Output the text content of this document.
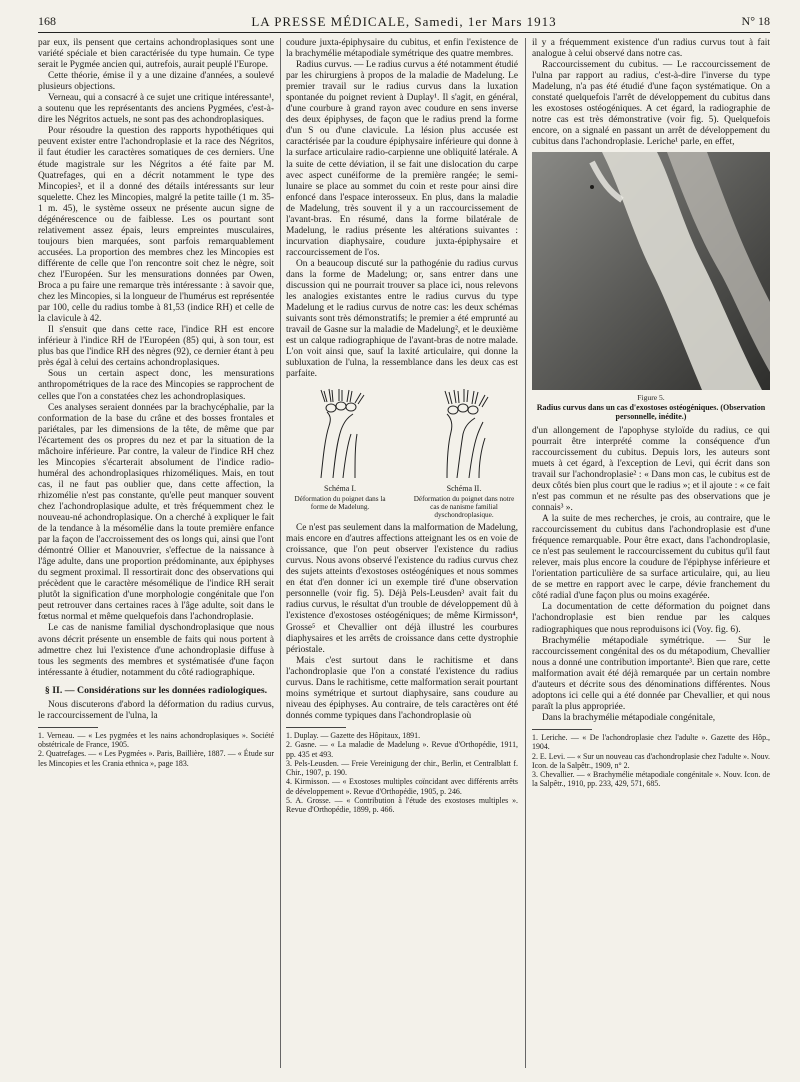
168	LA PRESSE MÉDICALE, Samedi, 1er Mars 1913	N° 18

par eux, ils pensent que certains achondroplasiques sont une variété spéciale et bien caractérisée du type humain. Ce type serait le Pygmée ancien qui, autrefois, aurait peuplé l'Europe.

Cette théorie, émise il y a une dizaine d'années, a soulevé plusieurs objections.

Verneau, qui a consacré à ce sujet une critique intéressante¹, a soutenu que les représentants des anciens Pygmées, c'est-à-dire les Négritos actuels, ne sont pas des achondroplasiques.

Pour résoudre la question des rapports hypothétiques qui peuvent exister entre l'achondroplasie et la race des Négritos, il faut étudier les caractères somatiques de ces derniers. Une étude magistrale sur les Négritos a été faite par M. Quatrefages, qui en a décrit notamment le type des Mincopies², et il a donné des détails intéressants sur leur squelette. Chez les Mincopies, malgré la petite taille (1 m. 35-1 m. 45), le système osseux ne présente aucun signe de dégénérescence ou de faiblesse. Les os pourtant sont relativement assez épais, leurs empreintes musculaires, toujours bien marquées, sont parfois remarquablement accusées. La proportion des membres chez les Mincopies est différente de celle que l'on rencontre soit chez le nègre, soit chez l'Européen. Sur les mensurations données par Owen, Broca a pu faire une remarque très intéressante : à savoir que, chez les Mincopies, si la longueur de l'humérus est représentée par 100, celle du radius tombe à 81,53 (indice RH) et celle de la clavicule à 42.

Il s'ensuit que dans cette race, l'indice RH est encore inférieur à l'indice RH de l'Européen (85) qui, à son tour, est plus bas que l'indice RH des nègres (92), ce dernier étant à peu près égal à celui des certains achondroplasiques.

Sous un certain aspect donc, les mensurations anthropométriques de la race des Mincopies se rapprochent de celles que l'on a constatées chez les achondroplasiques.

Ces analyses seraient données par la brachycéphalie, par la conformation de la base du crâne et des bosses frontales et pariétales, par les dimensions de la tête, de même que par l'écartement des os propres du nez et par la situation de la mâchoire inférieure. Par contre, la valeur de l'indice RH chez les Mincopies s'écarterait absolument de l'indice radio-huméral des achondroplasiques rhizoméliques. Mais, en tout cas, il ne faut pas oublier que, dans cette affection, la rhizomélie n'est pas constante, qu'elle peut manquer souvent chez l'achondroplasique adulte, et très fréquemment chez le nouveau-né achondroplasique. On a cherché à expliquer le fait de la tendance à la mésomélie dans la toute première enfance par la façon de l'accroissement des os longs qui, ainsi que l'ont démontré Ollier et Manouvrier, s'effectue de la naissance à l'âge adulte, dans une proportion prédominante, aux épiphyses du segment proximal. Il ressortirait donc des observations qui précèdent que le caractère mésomélique de l'indice RH serait plutôt la signification d'une morphologie congénitale que l'on peut retrouver dans certaines races à l'âge adulte, soit dans le fœtus normal et même quelquefois dans l'achondroplasie.

Le cas de nanisme familial dyschondroplasique que nous avons décrit présente un ensemble de faits qui nous portent à admettre chez lui l'existence d'une achondroplasie diffuse à tous les segments des membres et systématisée d'une façon intéressante à étudier, notamment du côté radiographique.

§ II. — Considérations sur les données radiologiques.

Nous discuterons d'abord la déformation du radius curvus, le raccourcissement de l'ulna, la

1. Verneau. — « Les pygmées et les nains achondroplasiques ». Société obstétricale de France, 1905.

2. Quatrefages. — « Les Pygmées ». Paris, Baillière, 1887. — « Étude sur les Mincopies et les Crania ethnica », page 183.

coudure juxta-épiphysaire du cubitus, et enfin l'existence de la brachymélie métapodiale symétrique des quatre membres.

Radius curvus. — Le radius curvus a été notamment étudié par les chirurgiens à propos de la maladie de Madelung. Le premier travail sur le radius curvus dans la luxation spontanée du poignet revient à Duplay¹. Il s'agit, en général, d'une courbure à grand rayon avec coudure en sens inverse des deux épiphyses, de façon que le radius prend la forme d'un S ou d'une clavicule. La lésion plus accusée est caractérisée par la coudure épiphysaire inférieure qui donne à la surface articulaire radio-carpienne une obliquité latérale. A la suite de cette déviation, il se fait une dislocation du carpe avec aspect cunéiforme de la première rangée; le semi-lunaire se place au sommet du coin et reste pour ainsi dire enfoncé dans l'espace interosseux. En plus, dans la maladie de Madelung, très souvent il y a un raccourcissement de l'avant-bras. En résumé, dans la forme bilatérale de Madelung, le radius présente les altérations suivantes : incurvation diaphysaire, coudure juxta-épiphysaire et raccourcissement de l'os.

On a beaucoup discuté sur la pathogénie du radius curvus dans la forme de Madelung; or, sans entrer dans une discussion qui ne pourrait trouver sa place ici, nous relevons les analogies existantes entre le radius curvus du type Madelung et le radius curvus de notre cas: les deux schémas suivants sont très démonstratifs; le premier a été emprunté au travail de Gasne sur la maladie de Madelung², et le deuxième est un calque radiographique de l'avant-bras de notre malade. L'on voit ainsi que, sauf la laxité articulaire, qui donne la subluxation de l'ulna, la ressemblance dans les deux cas est parfaite.

Schéma I.
Déformation du poignet dans la forme de Madelung.
Schéma II.
Déformation du poignet dans notre cas de nanisme familial dyschondroplasique.

Ce n'est pas seulement dans la malformation de Madelung, mais encore en d'autres affections atteignant les os en voie de croissance, que l'on peut observer l'existence du radius curvus. Nous avons observé l'existence du radius curvus chez des sujets atteints d'exostoses ostéogéniques et nous sommes en état d'en donner ici un exemple tiré d'une observation personnelle (voir fig. 5). Déjà Pels-Leusden³ avait fait du radius curvus, le résultat d'un trouble de développement dû à l'existence d'exostoses ostéogéniques; de même Kirmisson⁴, Grosse⁵ et Chevallier ont déjà illustré les courbures diaphysaires et les arrêts de croissance dans cette dystrophie périostale.

Mais c'est surtout dans le rachitisme et dans l'achondroplasie que l'on a constaté l'existence du radius curvus. Dans le rachitisme, cette malformation serait pourtant moins symétrique et surtout diaphysaire, sans coudure au niveau des épiphyses. Au contraire, de tels caractères ont été donnés comme typiques dans l'achondroplasie où

1. Duplay. — Gazette des Hôpitaux, 1891.

2. Gasne. — « La maladie de Madelung ». Revue d'Orthopédie, 1911, pp. 435 et 493.

3. Pels-Leusden. — Freie Vereinigung der chir., Berlin, et Centralblatt f. Chir., 1907, p. 190.

4. Kirmisson. — « Exostoses multiples coïncidant avec différents arrêts de développement ». Revue d'Orthopédie, 1905, p. 246.

5. A. Grosse. — « Contribution à l'étude des exostoses multiples ». Revue d'Orthopédie, 1899, p. 466.

il y a fréquemment existence d'un radius curvus tout à fait analogue à celui observé dans notre cas.

Raccourcissement du cubitus. — Le raccourcissement de l'ulna par rapport au radius, c'est-à-dire l'inverse du type Madelung, n'a pas été étudié d'une façon systématique. On a constaté quelquefois l'arrêt de développement du cubitus dans les exostoses ostéogéniques. A cet égard, la radiographie de notre cas est très démonstrative (voir fig. 5). Quelquefois encore, on a signalé en passant un arrêt de développement du cubitus dans l'achondroplasie. Leriche¹ parle, en effet,

Figure 5.
Radius curvus dans un cas d'exostoses ostéogéniques. (Observation personnelle, inédite.)

d'un allongement de l'apophyse styloïde du radius, ce qui pourrait être interprété comme la conséquence d'un raccourcissement du cubitus. Depuis lors, les auteurs sont muets à cet égard, à l'exception de Levi, qui écrit dans son travail sur l'achondroplasie² : « Dans mon cas, le cubitus est de deux côtés bien plus court que le radius »; et il ajoute : « ce fait n'est pas commun et ne résulte pas des observations que je connais³ ».

A la suite de mes recherches, je crois, au contraire, que le raccourcissement du cubitus dans l'achondroplasie est d'une fréquence remarquable. Pour être exact, dans l'achondroplasie, ce n'est pas seulement le raccourcissement du cubitus qu'il faut relever, mais plus encore la coudure de l'épiphyse inférieure et l'orientation particulière de sa surface articulaire, qui, au lieu de se mettre en rapport avec le carpe, dévie franchement du côté radial d'une façon plus ou moins exagérée.

La documentation de cette déformation du poignet dans l'achondroplasie est bien rendue par les calques radiographiques que nous reproduisons ici (Voy. fig. 6).

Brachymélie métapodiale symétrique. — Sur le raccourcissement congénital des os du métapodium, Chevallier nous a donné une contribution importante³. Bien que rare, cette malformation avait été déjà remarquée par un certain nombre d'auteurs et décrite sous des dénominations différentes. Nous adoptons ici celle qui a été donnée par Chevallier, et qui nous paraît la plus appropriée.

Dans la brachymélie métapodiale congénitale,

1. Leriche. — « De l'achondroplasie chez l'adulte ». Gazette des Hôp., 1904.

2. E. Levi. — « Sur un nouveau cas d'achondroplasie chez l'adulte ». Nouv. Icon. de la Salpêtr., 1909, n° 2.

3. Chevallier. — « Brachymélie métapodiale congénitale ». Nouv. Icon. de la Salpêtr., 1910, pp. 233, 429, 571, 685.
